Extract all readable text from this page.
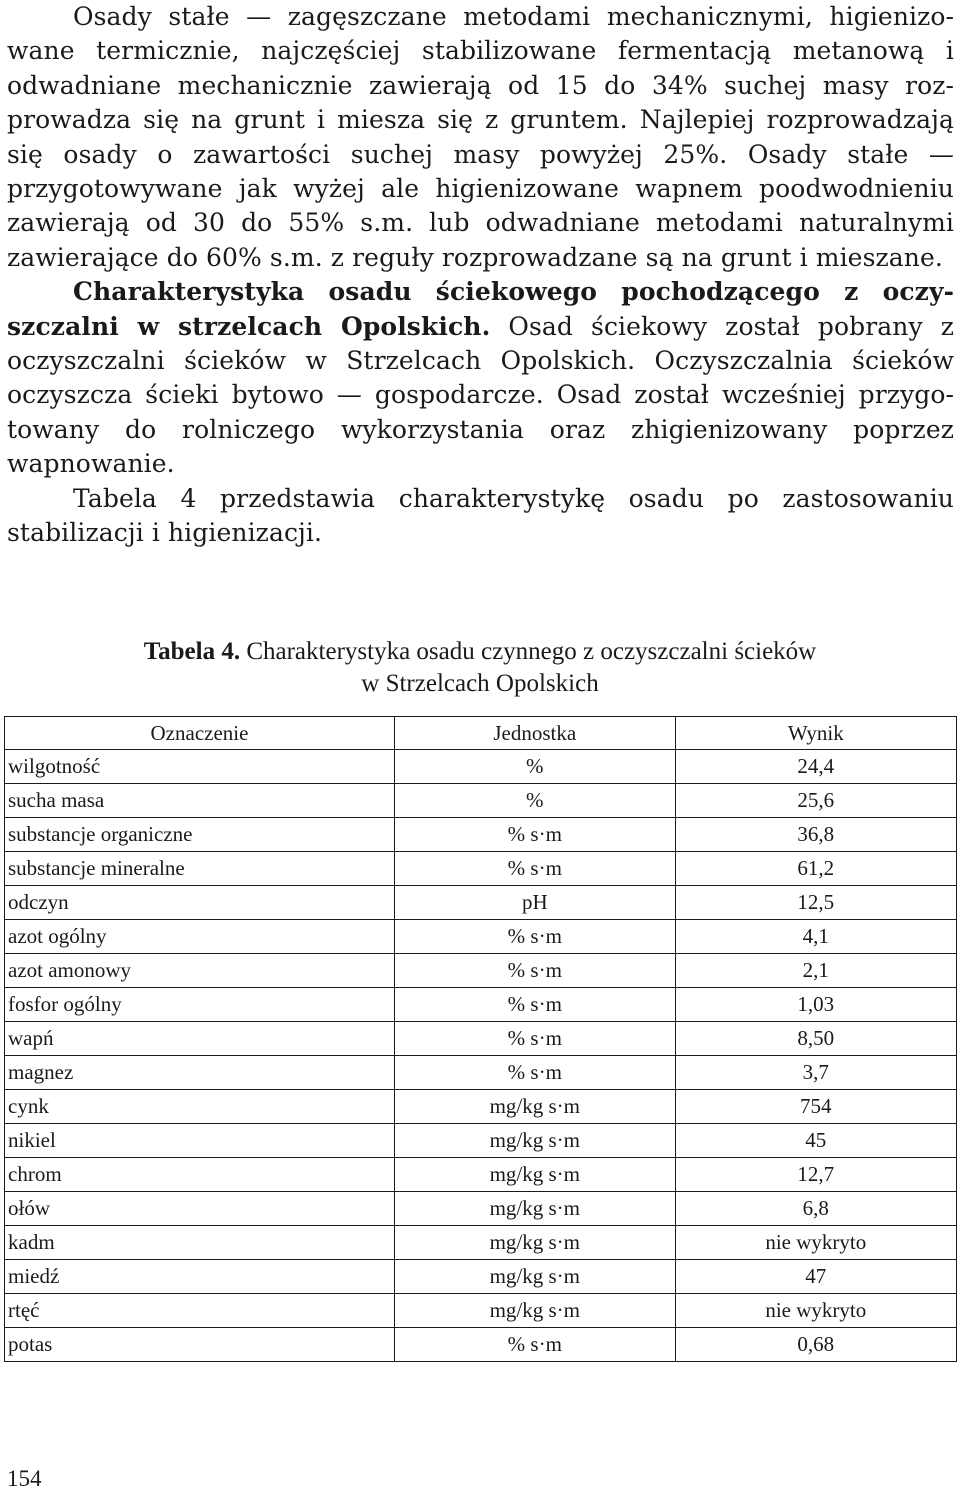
Osady stałe — zagęszczane metodami mechanicznymi, higienizowane termicznie, najczęściej stabilizowane fermentacją metanową i odwadniane mechanicznie zawierają od 15 do 34% suchej masy rozprowadza się na grunt i miesza się z gruntem. Najlepiej rozprowadzają się osady o zawartości suchej masy powyżej 25%. Osady stałe — przygotowywane jak wyżej ale higienizowane wapnem poodwodnieniu zawierają od 30 do 55% s.m. lub odwadniane metodami naturalnymi zawierające do 60% s.m. z reguły rozprowadzane są na grunt i mieszane.

Charakterystyka osadu ściekowego pochodzącego z oczyszczalni w strzelcach Opolskich. Osad ściekowy został pobrany z oczyszczalni ścieków w Strzelcach Opolskich. Oczyszczalnia ścieków oczyszcza ścieki bytowo — gospodarcze. Osad został wcześniej przygotowany do rolniczego wykorzystania oraz zhigienizowany poprzez wapnowanie.

Tabela 4 przedstawia charakterystykę osadu po zastosowaniu stabilizacji i higienizacji.

Tabela 4. Charakterystyka osadu czynnego z oczyszczalni ścieków
w Strzelcach Opolskich
Oznaczenie	Jednostka	Wynik
wilgotność	%	24,4
sucha masa	%	25,6
substancje organiczne	% s·m	36,8
substancje mineralne	% s·m	61,2
odczyn	pH	12,5
azot ogólny	% s·m	4,1
azot amonowy	% s·m	2,1
fosfor ogólny	% s·m	1,03
wapń	% s·m	8,50
magnez	% s·m	3,7
cynk	mg/kg s·m	754
nikiel	mg/kg s·m	45
chrom	mg/kg s·m	12,7
ołów	mg/kg s·m	6,8
kadm	mg/kg s·m	nie wykryto
miedź	mg/kg s·m	47
rtęć	mg/kg s·m	nie wykryto
potas	% s·m	0,68
154
